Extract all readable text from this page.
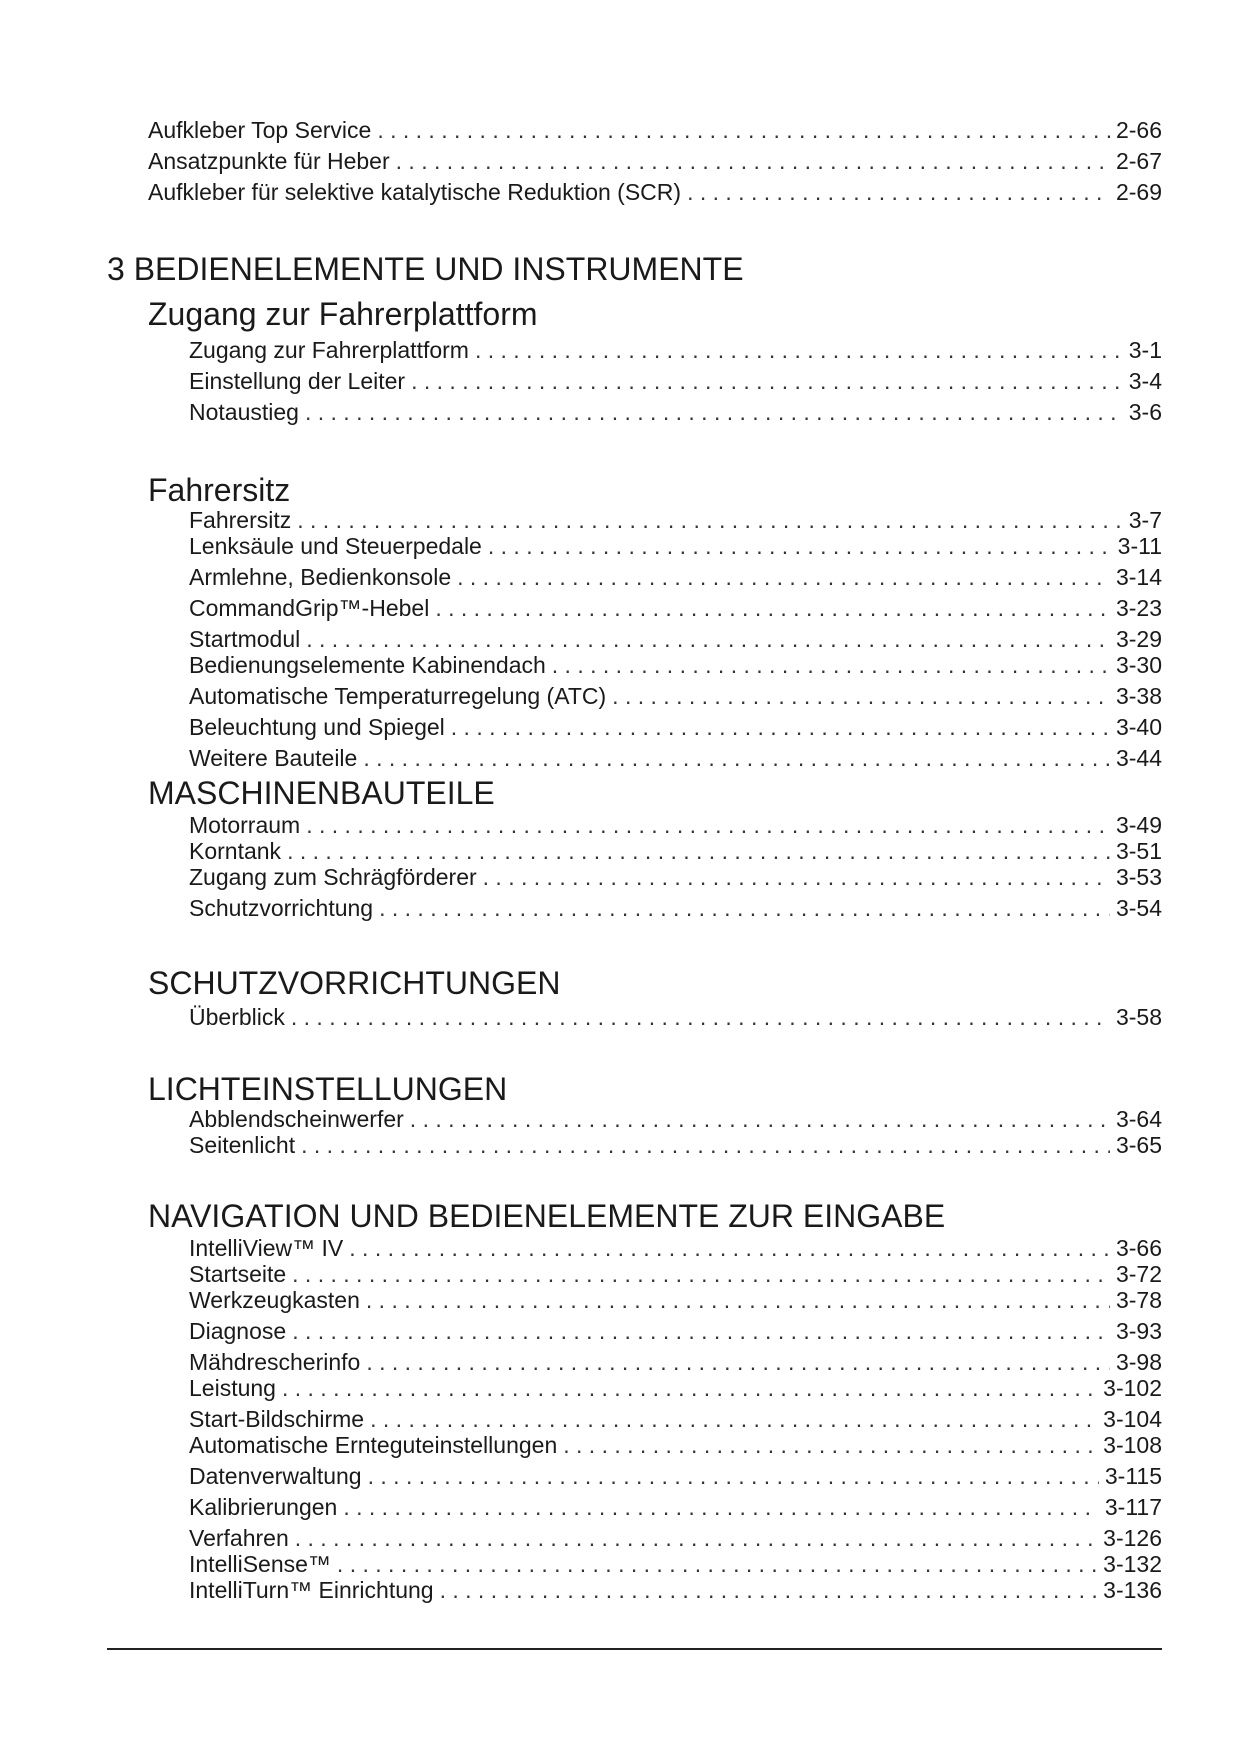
Aufkleber Top Service . . .	2-66
Ansatzpunkte für Heber . . .	2-67
Aufkleber für selektive katalytische Reduktion (SCR) . . .	2-69
3 BEDIENELEMENTE UND INSTRUMENTE
Zugang zur Fahrerplattform
Zugang zur Fahrerplattform . . .	3-1
Einstellung der Leiter . . .	3-4
Notaustieg . . .	3-6
Fahrersitz
Fahrersitz . . .	3-7
Lenksäule und Steuerpedale . . .	3-11
Armlehne, Bedienkonsole . . .	3-14
CommandGrip™-Hebel . . .	3-23
Startmodul . . .	3-29
Bedienungselemente Kabinendach . . .	3-30
Automatische Temperaturregelung (ATC) . . .	3-38
Beleuchtung und Spiegel . . .	3-40
Weitere Bauteile . . .	3-44
MASCHINENBAUTEILE
Motorraum . . .	3-49
Korntank . . .	3-51
Zugang zum Schrägförderer . . .	3-53
Schutzvorrichtung . . .	3-54
SCHUTZVORRICHTUNGEN
Überblick . . .	3-58
LICHTEINSTELLUNGEN
Abblendscheinwerfer . . .	3-64
Seitenlicht . . .	3-65
NAVIGATION UND BEDIENELEMENTE ZUR EINGABE
IntelliView™ IV . . .	3-66
Startseite . . .	3-72
Werkzeugkasten . . .	3-78
Diagnose . . .	3-93
Mähdrescherinfo . . .	3-98
Leistung . . .	3-102
Start-Bildschirme . . .	3-104
Automatische Ernteguteinstellungen . . .	3-108
Datenverwaltung . . .	3-115
Kalibrierungen . . .	3-117
Verfahren . . .	3-126
IntelliSense™ . . .	3-132
IntelliTurn™ Einrichtung . . .	3-136
